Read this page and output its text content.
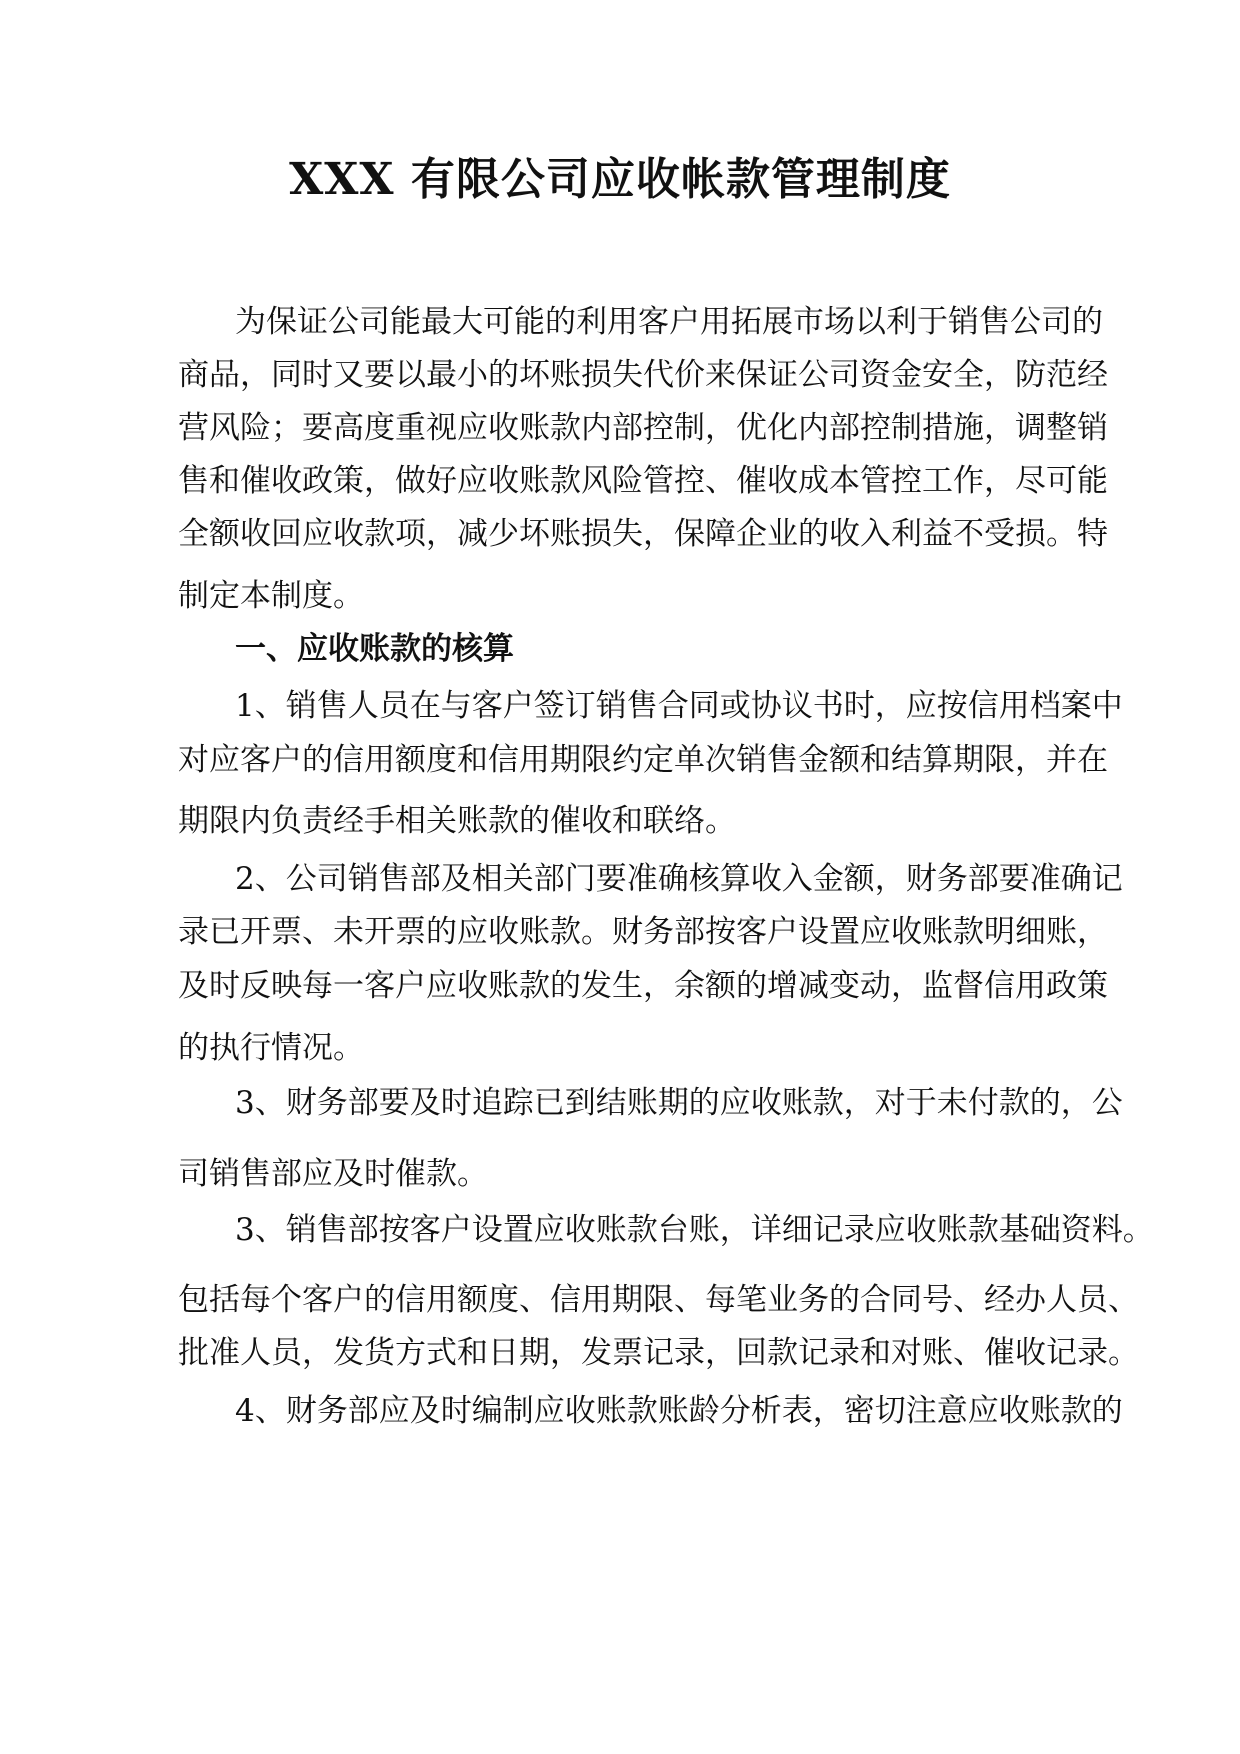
XXX 有限公司应收帐款管理制度

为保证公司能最大可能的利用客户用拓展市场以利于销售公司的

商品，同时又要以最小的坏账损失代价来保证公司资金安全，防范经

营风险；要高度重视应收账款内部控制，优化内部控制措施，调整销

售和催收政策，做好应收账款风险管控、催收成本管控工作，尽可能

全额收回应收款项，减少坏账损失，保障企业的收入利益不受损。特

制定本制度。

一、应收账款的核算

1、销售人员在与客户签订销售合同或协议书时，应按信用档案中

对应客户的信用额度和信用期限约定单次销售金额和结算期限，并在

期限内负责经手相关账款的催收和联络。

2、公司销售部及相关部门要准确核算收入金额，财务部要准确记

录已开票、未开票的应收账款。财务部按客户设置应收账款明细账，

及时反映每一客户应收账款的发生，余额的增减变动，监督信用政策

的执行情况。

3、财务部要及时追踪已到结账期的应收账款，对于未付款的，公

司销售部应及时催款。

3、销售部按客户设置应收账款台账，详细记录应收账款基础资料。

包括每个客户的信用额度、信用期限、每笔业务的合同号、经办人员、

批准人员，发货方式和日期，发票记录，回款记录和对账、催收记录。

4、财务部应及时编制应收账款账龄分析表，密切注意应收账款的
